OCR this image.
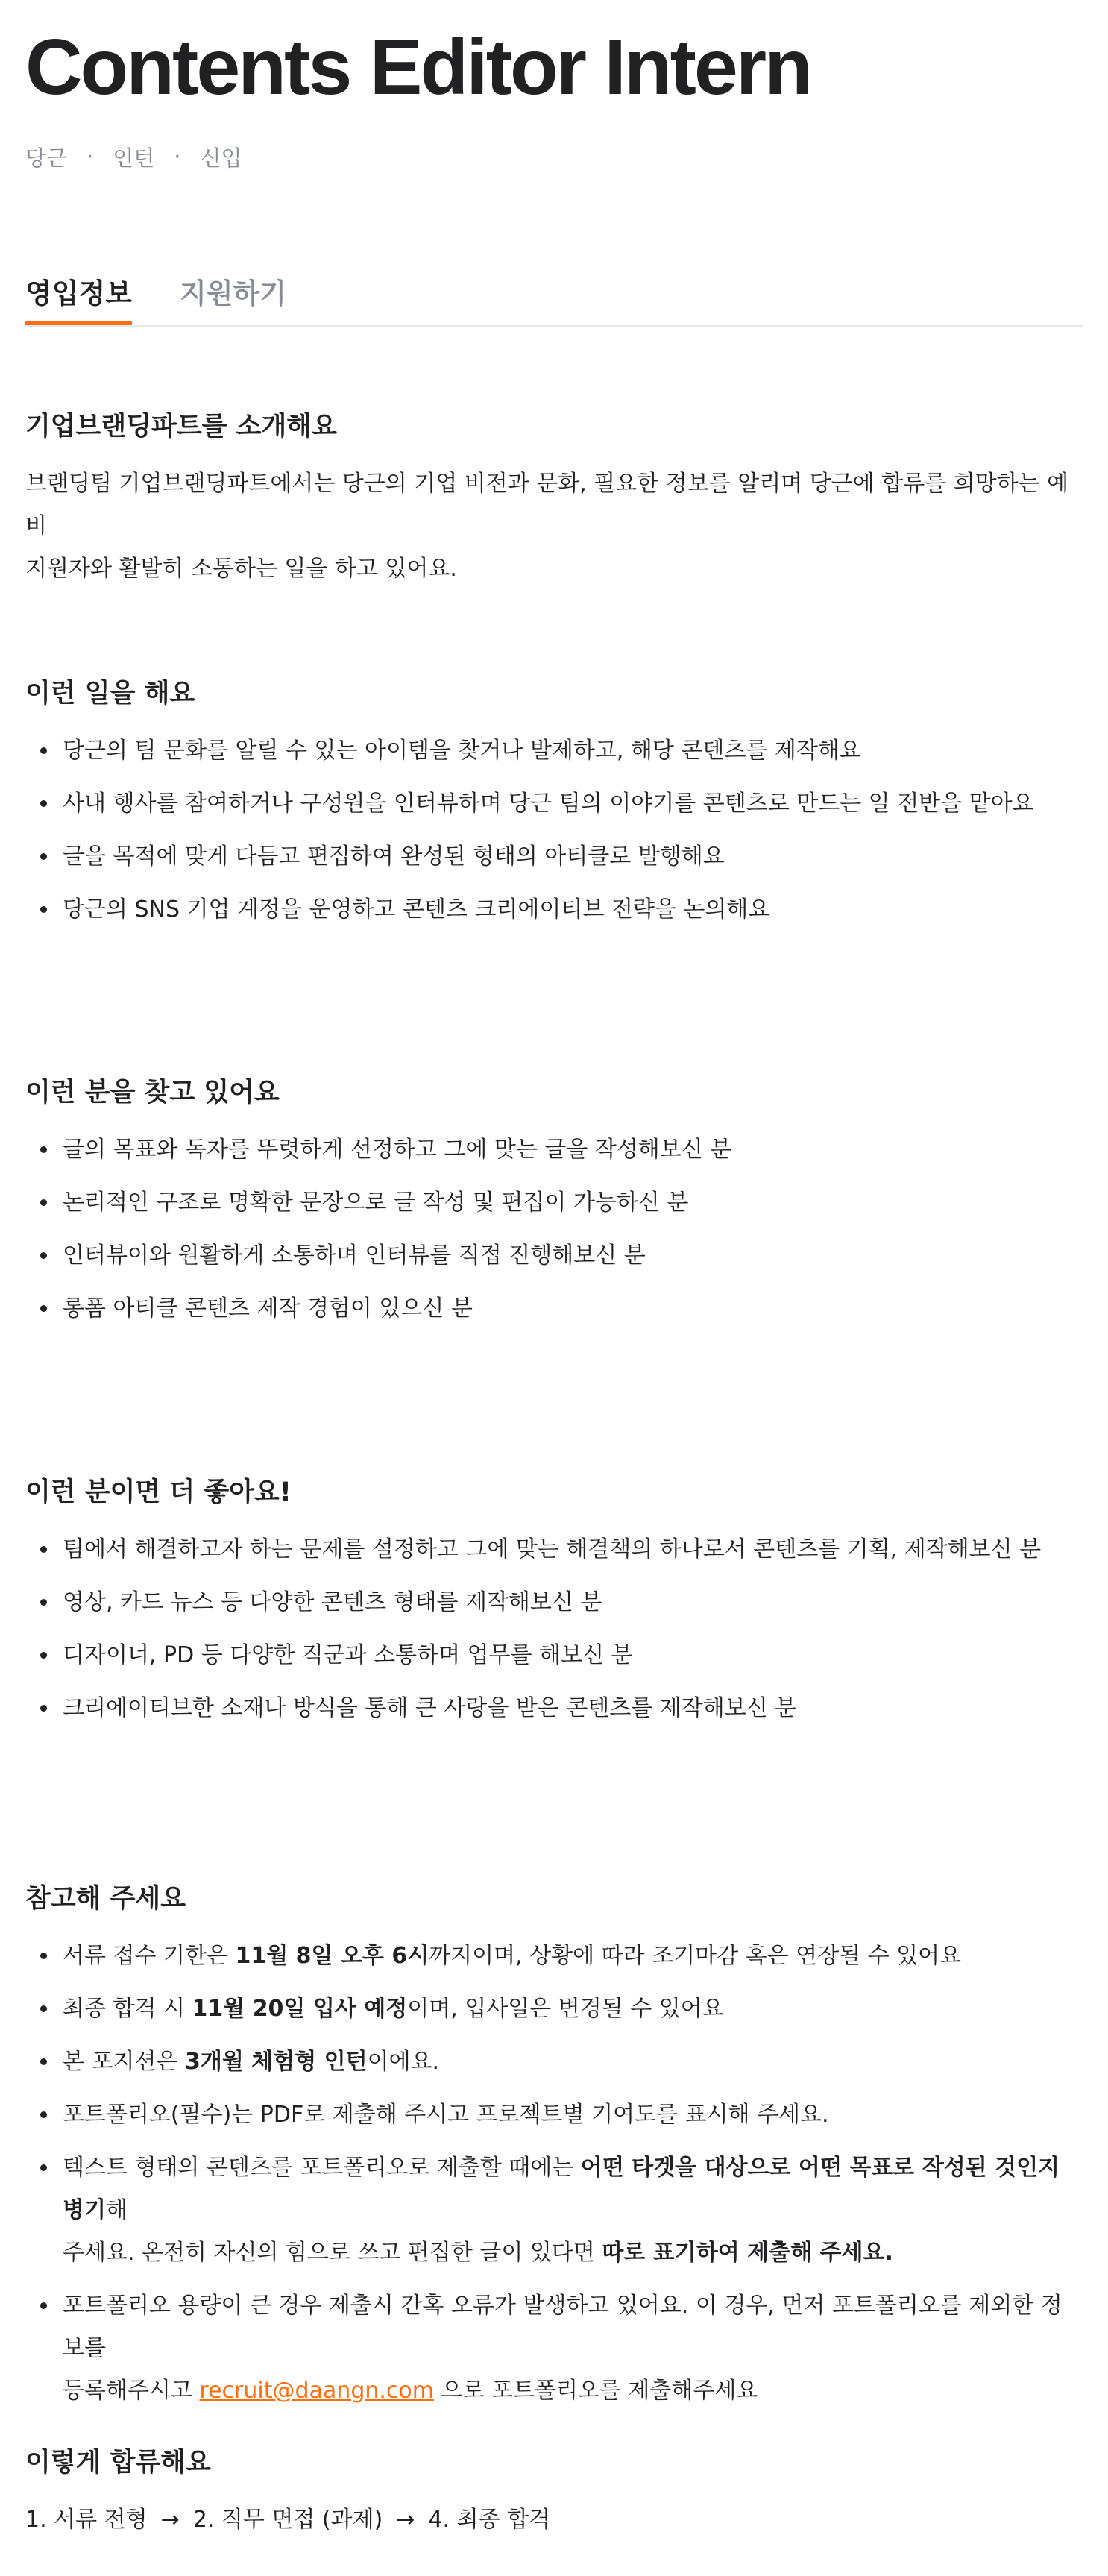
Contents Editor Intern
당근 · 인턴 · 신입
영입정보 지원하기
기업브랜딩파트를 소개해요

브랜딩팀 기업브랜딩파트에서는 당근의 기업 비전과 문화, 필요한 정보를 알리며 당근에 합류를 희망하는 예비
지원자와 활발히 소통하는 일을 하고 있어요.

이런 일을 해요
당근의 팀 문화를 알릴 수 있는 아이템을 찾거나 발제하고, 해당 콘텐츠를 제작해요
사내 행사를 참여하거나 구성원을 인터뷰하며 당근 팀의 이야기를 콘텐츠로 만드는 일 전반을 맡아요
글을 목적에 맞게 다듬고 편집하여 완성된 형태의 아티클로 발행해요
당근의 SNS 기업 계정을 운영하고 콘텐츠 크리에이티브 전략을 논의해요
이런 분을 찾고 있어요
글의 목표와 독자를 뚜렷하게 선정하고 그에 맞는 글을 작성해보신 분
논리적인 구조로 명확한 문장으로 글 작성 및 편집이 가능하신 분
인터뷰이와 원활하게 소통하며 인터뷰를 직접 진행해보신 분
롱폼 아티클 콘텐츠 제작 경험이 있으신 분
이런 분이면 더 좋아요!
팀에서 해결하고자 하는 문제를 설정하고 그에 맞는 해결책의 하나로서 콘텐츠를 기획, 제작해보신 분
영상, 카드 뉴스 등 다양한 콘텐츠 형태를 제작해보신 분
디자이너, PD 등 다양한 직군과 소통하며 업무를 해보신 분
크리에이티브한 소재나 방식을 통해 큰 사랑을 받은 콘텐츠를 제작해보신 분
참고해 주세요
서류 접수 기한은 11월 8일 오후 6시까지이며, 상황에 따라 조기마감 혹은 연장될 수 있어요
최종 합격 시 11월 20일 입사 예정이며, 입사일은 변경될 수 있어요
본 포지션은 3개월 체험형 인턴이에요.
포트폴리오(필수)는 PDF로 제출해 주시고 프로젝트별 기여도를 표시해 주세요.
텍스트 형태의 콘텐츠를 포트폴리오로 제출할 때에는 어떤 타겟을 대상으로 어떤 목표로 작성된 것인지 병기해
주세요. 온전히 자신의 힘으로 쓰고 편집한 글이 있다면 따로 표기하여 제출해 주세요.
포트폴리오 용량이 큰 경우 제출시 간혹 오류가 발생하고 있어요. 이 경우, 먼저 포트폴리오를 제외한 정보를
등록해주시고 recruit@daangn.com 으로 포트폴리오를 제출해주세요
이렇게 합류해요
1. 서류 전형 → 2. 직무 면접 (과제) → 4. 최종 합격
